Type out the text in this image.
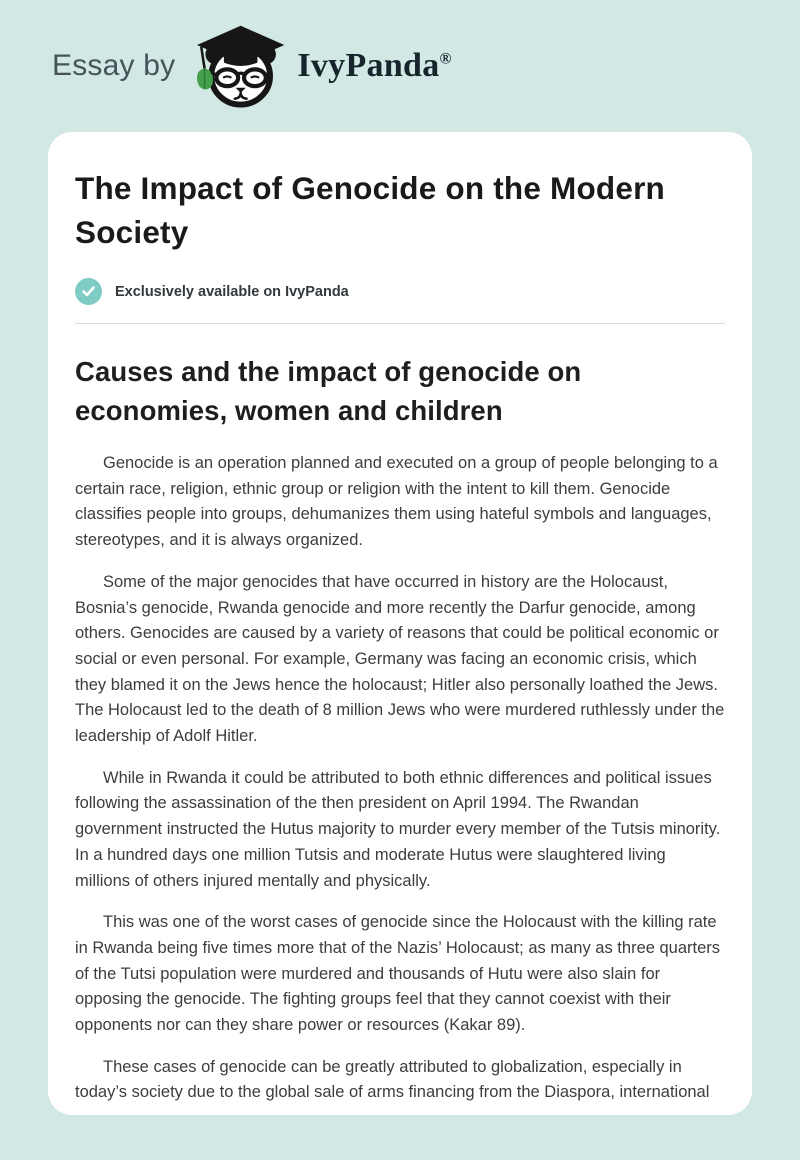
Essay by	IvyPanda®
The Impact of Genocide on the Modern Society
Exclusively available on IvyPanda
Causes and the impact of genocide on economies, women and children

Genocide is an operation planned and executed on a group of people belonging to a certain race, religion, ethnic group or religion with the intent to kill them. Genocide classifies people into groups, dehumanizes them using hateful symbols and languages, stereotypes, and it is always organized.

Some of the major genocides that have occurred in history are the Holocaust, Bosnia’s genocide, Rwanda genocide and more recently the Darfur genocide, among others. Genocides are caused by a variety of reasons that could be political economic or social or even personal. For example, Germany was facing an economic crisis, which they blamed it on the Jews hence the holocaust; Hitler also personally loathed the Jews. The Holocaust led to the death of 8 million Jews who were murdered ruthlessly under the leadership of Adolf Hitler.

While in Rwanda it could be attributed to both ethnic differences and political issues following the assassination of the then president on April 1994. The Rwandan government instructed the Hutus majority to murder every member of the Tutsis minority. In a hundred days one million Tutsis and moderate Hutus were slaughtered living millions of others injured mentally and physically.

This was one of the worst cases of genocide since the Holocaust with the killing rate in Rwanda being five times more that of the Nazis’ Holocaust; as many as three quarters of the Tutsi population were murdered and thousands of Hutu were also slain for opposing the genocide. The fighting groups feel that they cannot coexist with their opponents nor can they share power or resources (Kakar 89).

These cases of genocide can be greatly attributed to globalization, especially in today’s society due to the global sale of arms financing from the Diaspora, international
